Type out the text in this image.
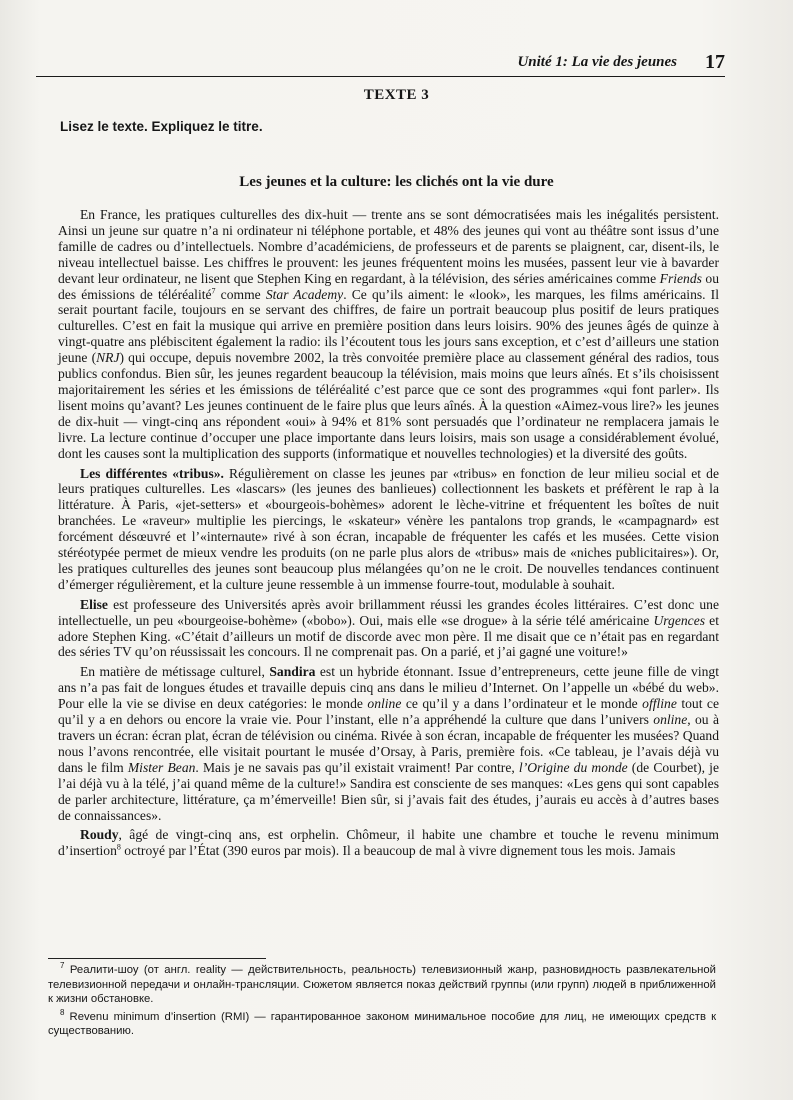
Unité 1: La vie des jeunes 17
TEXTE 3
Lisez le texte. Expliquez le titre.
Les jeunes et la culture: les clichés ont la vie dure

En France, les pratiques culturelles des dix-huit — trente ans se sont démocratisées mais les inégalités persistent. Ainsi un jeune sur quatre n’a ni ordinateur ni téléphone portable, et 48% des jeunes qui vont au théâtre sont issus d’une famille de cadres ou d’intellectuels. Nombre d’académiciens, de professeurs et de parents se plaignent, car, disent-ils, le niveau intellectuel baisse. Les chiffres le prouvent: les jeunes fréquentent moins les musées, passent leur vie à bavarder devant leur ordinateur, ne lisent que Stephen King en regardant, à la télévision, des séries américaines comme Friends ou des émissions de téléréalité$^7$ comme Star Academy. Ce qu’ils aiment: le «look», les marques, les films américains. Il serait pourtant facile, toujours en se servant des chiffres, de faire un portrait beaucoup plus positif de leurs pratiques culturelles. C’est en fait la musique qui arrive en première position dans leurs loisirs. 90% des jeunes âgés de quinze à vingt-quatre ans plébiscitent également la radio: ils l’écoutent tous les jours sans exception, et c’est d’ailleurs une station jeune (NRJ) qui occupe, depuis novembre 2002, la très convoitée première place au classement général des radios, tous publics confondus. Bien sûr, les jeunes regardent beaucoup la télévision, mais moins que leurs aînés. Et s’ils choisissent majoritairement les séries et les émissions de téléréalité c’est parce que ce sont des programmes «qui font parler». Ils lisent moins qu’avant? Les jeunes continuent de le faire plus que leurs aînés. À la question «Aimez-vous lire?» les jeunes de dix-huit — vingt-cinq ans répondent «oui» à 94% et 81% sont persuadés que l’ordinateur ne remplacera jamais le livre. La lecture continue d’occuper une place importante dans leurs loisirs, mais son usage a considérablement évolué, dont les causes sont la multiplication des supports (informatique et nouvelles technologies) et la diversité des goûts.

Les différentes «tribus». Régulièrement on classe les jeunes par «tribus» en fonction de leur milieu social et de leurs pratiques culturelles. Les «lascars» (les jeunes des banlieues) collectionnent les baskets et préfèrent le rap à la littérature. À Paris, «jet-setters» et «bourgeois-bohèmes» adorent le lèche-vitrine et fréquentent les boîtes de nuit branchées. Le «raveur» multiplie les piercings, le «skateur» vénère les pantalons trop grands, le «campagnard» est forcément désœuvré et l’«internaute» rivé à son écran, incapable de fréquenter les cafés et les musées. Cette vision stéréotypée permet de mieux vendre les produits (on ne parle plus alors de «tribus» mais de «niches publicitaires»). Or, les pratiques culturelles des jeunes sont beaucoup plus mélangées qu’on ne le croit. De nouvelles tendances continuent d’émerger régulièrement, et la culture jeune ressemble à un immense fourre-tout, modulable à souhait.

Elise est professeure des Universités après avoir brillamment réussi les grandes écoles littéraires. C’est donc une intellectuelle, un peu «bourgeoise-bohème» («bobo»). Oui, mais elle «se drogue» à la série télé américaine Urgences et adore Stephen King. «C’était d’ailleurs un motif de discorde avec mon père. Il me disait que ce n’était pas en regardant des séries TV qu’on réussissait les concours. Il ne comprenait pas. On a parié, et j’ai gagné une voiture!»

En matière de métissage culturel, Sandira est un hybride étonnant. Issue d’entrepreneurs, cette jeune fille de vingt ans n’a pas fait de longues études et travaille depuis cinq ans dans le milieu d’Internet. On l’appelle un «bébé du web». Pour elle la vie se divise en deux catégories: le monde online ce qu’il y a dans l’ordinateur et le monde offline tout ce qu’il y a en dehors ou encore la vraie vie. Pour l’instant, elle n’a appréhendé la culture que dans l’univers online, ou à travers un écran: écran plat, écran de télévision ou cinéma. Rivée à son écran, incapable de fréquenter les musées? Quand nous l’avons rencontrée, elle visitait pourtant le musée d’Orsay, à Paris, première fois. «Ce tableau, je l’avais déjà vu dans le film Mister Bean. Mais je ne savais pas qu’il existait vraiment! Par contre, l’Origine du monde (de Courbet), je l’ai déjà vu à la télé, j’ai quand même de la culture!» Sandira est consciente de ses manques: «Les gens qui sont capables de parler architecture, littérature, ça m’émerveille! Bien sûr, si j’avais fait des études, j’aurais eu accès à d’autres bases de connaissances».

Roudy, âgé de vingt-cinq ans, est orphelin. Chômeur, il habite une chambre et touche le revenu minimum d’insertion$^8$ octroyé par l’État (390 euros par mois). Il a beaucoup de mal à vivre dignement tous les mois. Jamais

$^7$ Реалити-шоу (от англ. reality — действительность, реальность) телевизионный жанр, разновидность развлекательной телевизионной передачи и онлайн-трансляции. Сюжетом является показ действий группы (или групп) людей в приближенной к жизни обстановке.

$^8$ Revenu minimum d’insertion (RMI) — гарантированное законом минимальное пособие для лиц, не имеющих средств к существованию.
